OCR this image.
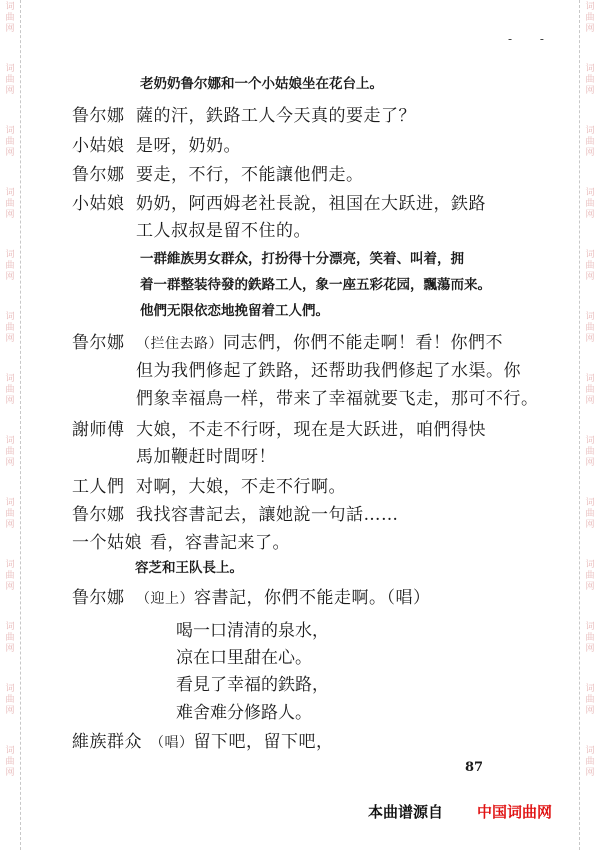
词
曲
网
词
曲
网
词
曲
网
词
曲
网
词
曲
网
词
曲
网
词
曲
网
词
曲
网
词
曲
网
词
曲
网
词
曲
网
词
曲
网
词
曲
网
词
曲
网
词
曲
网
词
曲
网
词
曲
网
词
曲
网
词
曲
网
词
曲
网
词
曲
网
词
曲
网
词
曲
网
词
曲
网
词
曲
网
词
曲
网
- -
老奶奶鲁尔娜和一个小姑娘坐在花台上。
鲁尔娜 薩的汗，鉄路工人今天真的要走了？
小姑娘 是呀，奶奶。
鲁尔娜 要走，不行，不能讓他們走。
小姑娘 奶奶，阿西姆老社長說，祖国在大跃进，鉄路
工人叔叔是留不住的。
一群維族男女群众，打扮得十分漂亮，笑着、叫着，拥
着一群整装待發的鉄路工人，象一座五彩花园，飄蕩而来。
他們无限依恋地挽留着工人們。
鲁尔娜 （拦住去路）同志們，你們不能走啊！看！你們不
但为我們修起了鉄路，还帮助我們修起了水渠。你
們象幸福鳥一样，带来了幸福就要飞走，那可不行。
謝师傅 大娘，不走不行呀，现在是大跃进，咱們得快
馬加鞭赶时間呀！
工人們 对啊，大娘，不走不行啊。
鲁尔娜 我找容書記去，讓她說一句話……
一个姑娘 看，容書記来了。
容芝和王队長上。
鲁尔娜 （迎上）容書記，你們不能走啊。（唱）
喝一口清清的泉水，
凉在口里甜在心。
看見了幸福的鉄路，
难舍难分修路人。
維族群众 （唱）留下吧，留下吧，
87
本曲谱源自 中国词曲网
